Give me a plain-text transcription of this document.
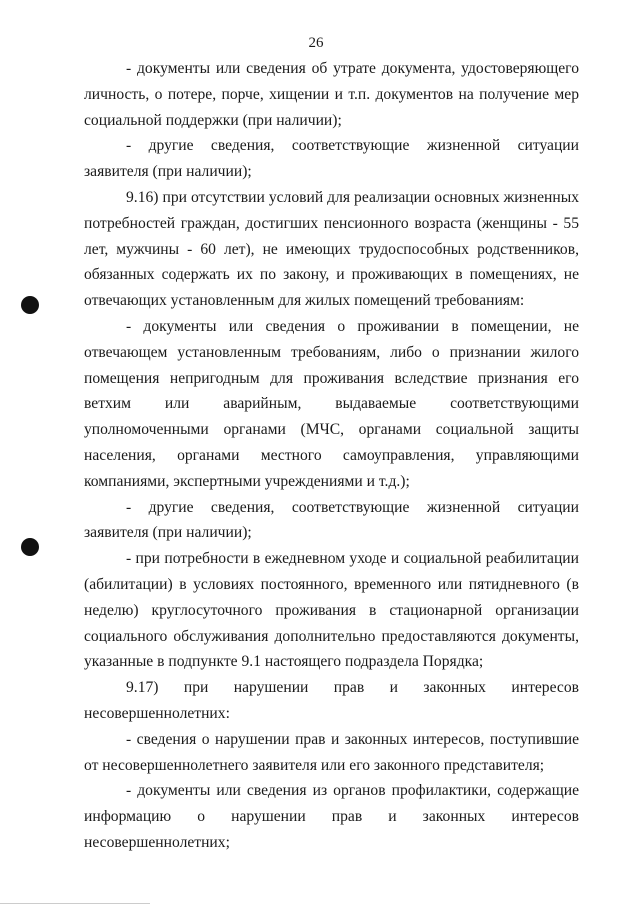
26

- документы или сведения об утрате документа, удостоверяющего личность, о потере, порче, хищении и т.п. документов на получение мер социальной поддержки (при наличии);

- другие сведения, соответствующие жизненной ситуации заявителя (при наличии);

9.16) при отсутствии условий для реализации основных жизненных потребностей граждан, достигших пенсионного возраста (женщины - 55 лет, мужчины - 60 лет), не имеющих трудоспособных родственников, обязанных содержать их по закону, и проживающих в помещениях, не отвечающих установленным для жилых помещений требованиям:

- документы или сведения о проживании в помещении, не отвечающем установленным требованиям, либо о признании жилого помещения непригодным для проживания вследствие признания его ветхим или аварийным, выдаваемые соответствующими уполномоченными органами (МЧС, органами социальной защиты населения, органами местного самоуправления, управляющими компаниями, экспертными учреждениями и т.д.);

- другие сведения, соответствующие жизненной ситуации заявителя (при наличии);

- при потребности в ежедневном уходе и социальной реабилитации (абилитации) в условиях постоянного, временного или пятидневного (в неделю) круглосуточного проживания в стационарной организации социального обслуживания дополнительно предоставляются документы, указанные в подпункте 9.1 настоящего подраздела Порядка;

9.17) при нарушении прав и законных интересов несовершеннолетних:

- сведения о нарушении прав и законных интересов, поступившие от несовершеннолетнего заявителя или его законного представителя;

- документы или сведения из органов профилактики, содержащие информацию о нарушении прав и законных интересов несовершеннолетних;
